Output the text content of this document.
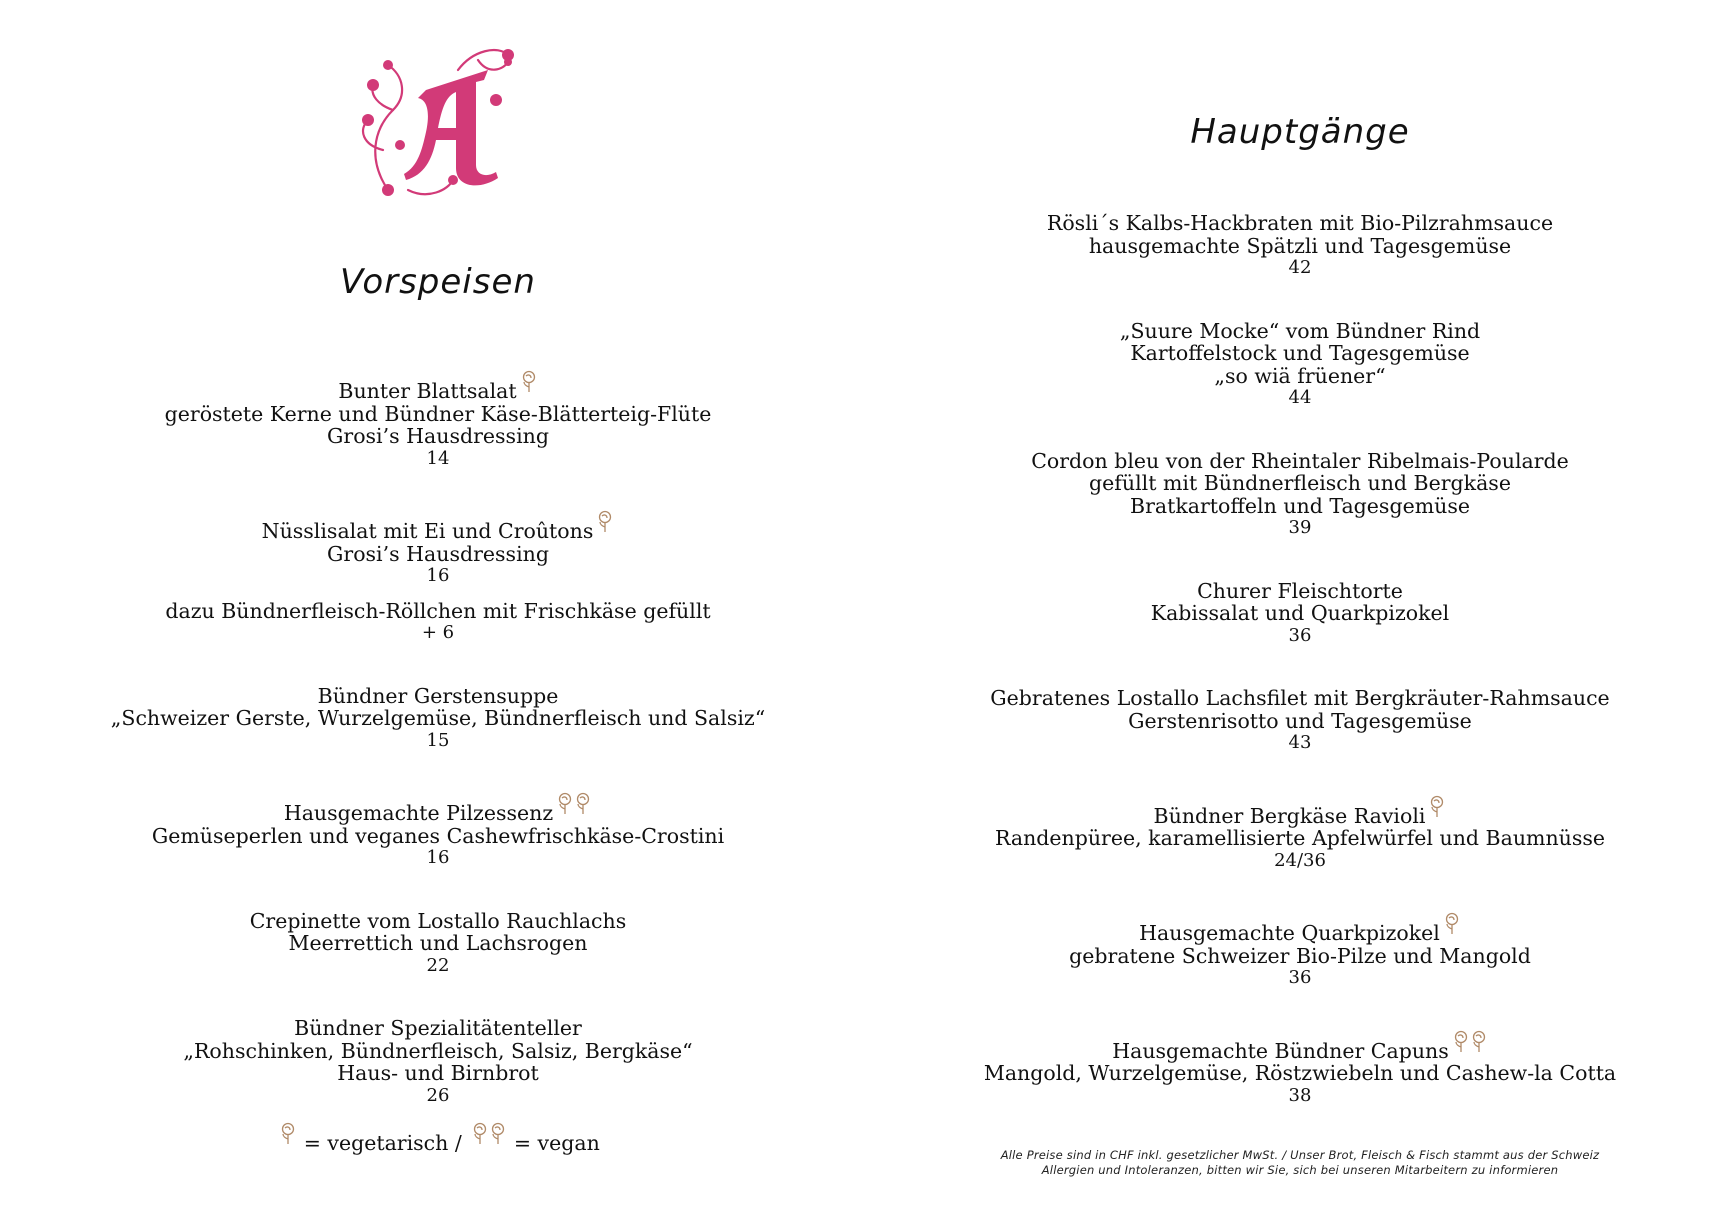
Vorspeisen
Bunter Blattsalat
geröstete Kerne und Bündner Käse-Blätterteig-Flüte
Grosi’s Hausdressing
14
Nüsslisalat mit Ei und Croûtons
Grosi’s Hausdressing
16
dazu Bündnerfleisch-Röllchen mit Frischkäse gefüllt
+ 6
Bündner Gerstensuppe
„Schweizer Gerste, Wurzelgemüse, Bündnerfleisch und Salsiz“
15
Hausgemachte Pilzessenz
Gemüseperlen und veganes Cashewfrischkäse-Crostini
16
Crepinette vom Lostallo Rauchlachs
Meerrettich und Lachsrogen
22
Bündner Spezialitätenteller
„Rohschinken, Bündnerfleisch, Salsiz, Bergkäse“
Haus- und Birnbrot
26
= vegetarisch /	= vegan
Hauptgänge
Rösli´s Kalbs-Hackbraten mit Bio-Pilzrahmsauce
hausgemachte Spätzli und Tagesgemüse
42
„Suure Mocke“ vom Bündner Rind
Kartoffelstock und Tagesgemüse
„so wiä früener“
44
Cordon bleu von der Rheintaler Ribelmais-Poularde
gefüllt mit Bündnerfleisch und Bergkäse
Bratkartoffeln und Tagesgemüse
39
Churer Fleischtorte
Kabissalat und Quarkpizokel
36
Gebratenes Lostallo Lachsfilet mit Bergkräuter-Rahmsauce
Gerstenrisotto und Tagesgemüse
43
Bündner Bergkäse Ravioli
Randenpüree, karamellisierte Apfelwürfel und Baumnüsse
24/36
Hausgemachte Quarkpizokel
gebratene Schweizer Bio-Pilze und Mangold
36
Hausgemachte Bündner Capuns
Mangold, Wurzelgemüse, Röstzwiebeln und Cashew-la Cotta
38
Alle Preise sind in CHF inkl. gesetzlicher MwSt. / Unser Brot, Fleisch & Fisch stammt aus der Schweiz
Allergien und Intoleranzen, bitten wir Sie, sich bei unseren Mitarbeitern zu informieren
